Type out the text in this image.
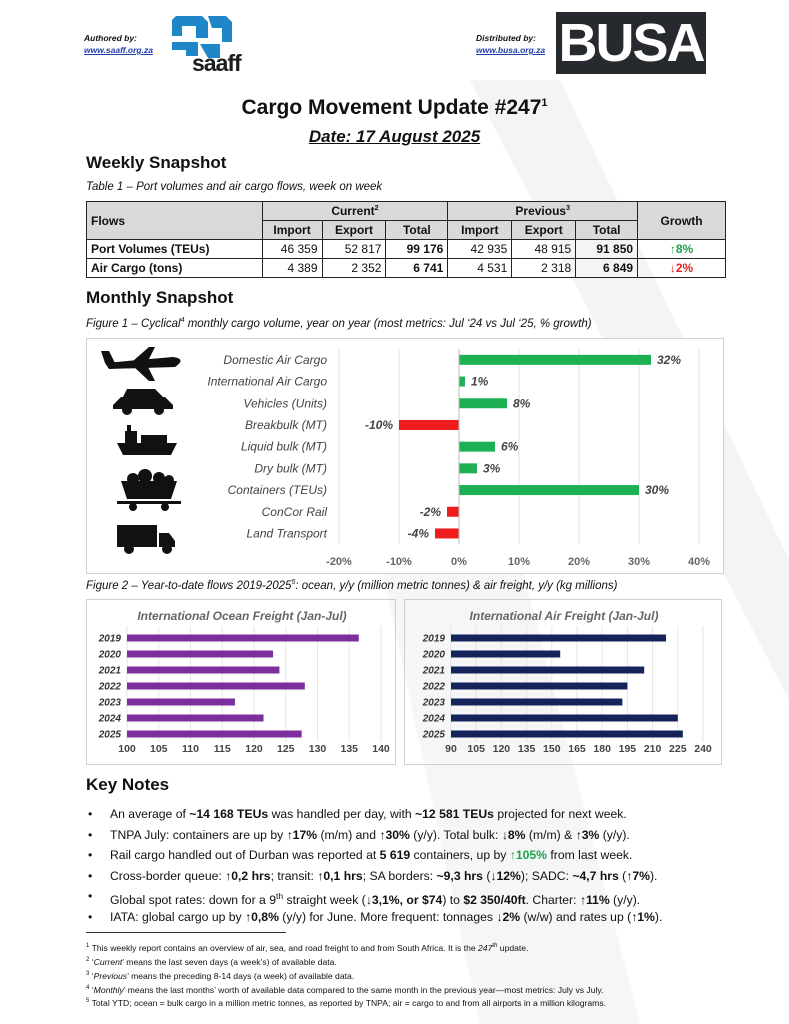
Authored by:
www.saaff.org.za saaff
Distributed by:
www.busa.org.za BUSA
Cargo Movement Update $\#247^1$
Date: 17 August 2025
Weekly Snapshot
Table 1 – Port volumes and air cargo flows, week on week
Flows	Current$^2$			Previous$^3$			Growth
	Import	Export	Total	Import	Export	Total	
Port Volumes (TEUs)	46 359	52 817	99 176	42 935	48 915	91 850	↑8%
Air Cargo (tons)	4 389	2 352	6 741	4 531	2 318	6 849	↓2%
Monthly Snapshot
Figure 1 – Cyclical$^4$ monthly cargo volume, year on year (most metrics: Jul ‘24 vs Jul ‘25, % growth)
-20%	-10%	0%	10%	20%	30%	40%
Domestic Air Cargo	32%
International Air Cargo	1%
Vehicles (Units)	8%
Breakbulk (MT)	-10%
Liquid bulk (MT)	6%
Dry bulk (MT)	3%
Containers (TEUs)	30%
ConCor Rail	-2%
Land Transport	-4%
Figure 2 – Year-to-date flows 2019-2025$^5$: ocean, y/y (million metric tonnes) & air freight, y/y (kg millions)
International Ocean Freight (Jan-Jul)
100 105 110 115 120 125 130 135 140
2019
2020
2021
2022
2023
2024
2025
International Air Freight (Jan-Jul)
90 105 120 135 150 165 180 195 210 225 240
2019
2020
2021
2022
2023
2024
2025
Key Notes
• An average of ~14 168 TEUs was handled per day, with ~12 581 TEUs projected for next week.
• TNPA July: containers are up by ↑17% (m/m) and ↑30% (y/y). Total bulk: ↓8% (m/m) & ↑3% (y/y).
• Rail cargo handled out of Durban was reported at 5 619 containers, up by ↑105% from last week.
• Cross-border queue: ↑0,2 hrs; transit: ↑0,1 hrs; SA borders: ~9,3 hrs (↓12%); SADC: ~4,7 hrs (↑7%).
• Global spot rates: down for a 9th straight week (↓3,1%, or $74) to $2 350/40ft. Charter: ↑11% (y/y).
• IATA: global cargo up by ↑0,8% (y/y) for June. More frequent: tonnages ↓2% (w/w) and rates up (↑1%).
$^1$ This weekly report contains an overview of air, sea, and road freight to and from South Africa. It is the 247th update.
$^2$ ‘Current’ means the last seven days (a week’s) of available data.
$^3$ ‘Previous’ means the preceding 8-14 days (a week) of available data.
$^4$ ‘Monthly’ means the last months’ worth of available data compared to the same month in the previous year—most metrics: July vs July.
$^5$ Total YTD; ocean = bulk cargo in a million metric tonnes, as reported by TNPA; air = cargo to and from all airports in a million kilograms.
